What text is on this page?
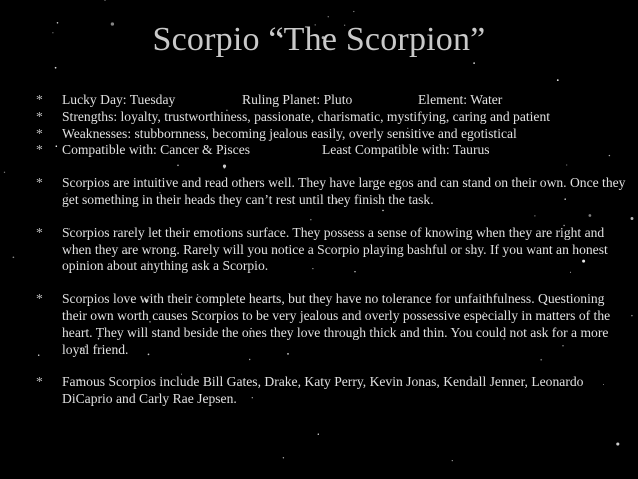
Scorpio “The Scorpion”
*	Lucky Day: Tuesday	Ruling Planet: Pluto	Element: Water
*	Strengths: loyalty, trustworthiness, passionate, charismatic, mystifying, caring and patient
*	Weaknesses: stubbornness, becoming jealous easily, overly sensitive and egotistical
*	Compatible with: Cancer & Pisces	Least Compatible with: Taurus
*	Scorpios are intuitive and read others well. They have large egos and can stand on their own. Once they get something in their heads they can’t rest until they finish the task.
*	Scorpios rarely let their emotions surface. They possess a sense of knowing when they are right and when they are wrong. Rarely will you notice a Scorpio playing bashful or shy. If you want an honest opinion about anything ask a Scorpio.
*	Scorpios love with their complete hearts, but they have no tolerance for unfaithfulness. Questioning their own worth causes Scorpios to be very jealous and overly possessive especially in matters of the heart. They will stand beside the ones they love through thick and thin. You could not ask for a more loyal friend.
*	Famous Scorpios include Bill Gates, Drake, Katy Perry, Kevin Jonas, Kendall Jenner, Leonardo DiCaprio and Carly Rae Jepsen.
